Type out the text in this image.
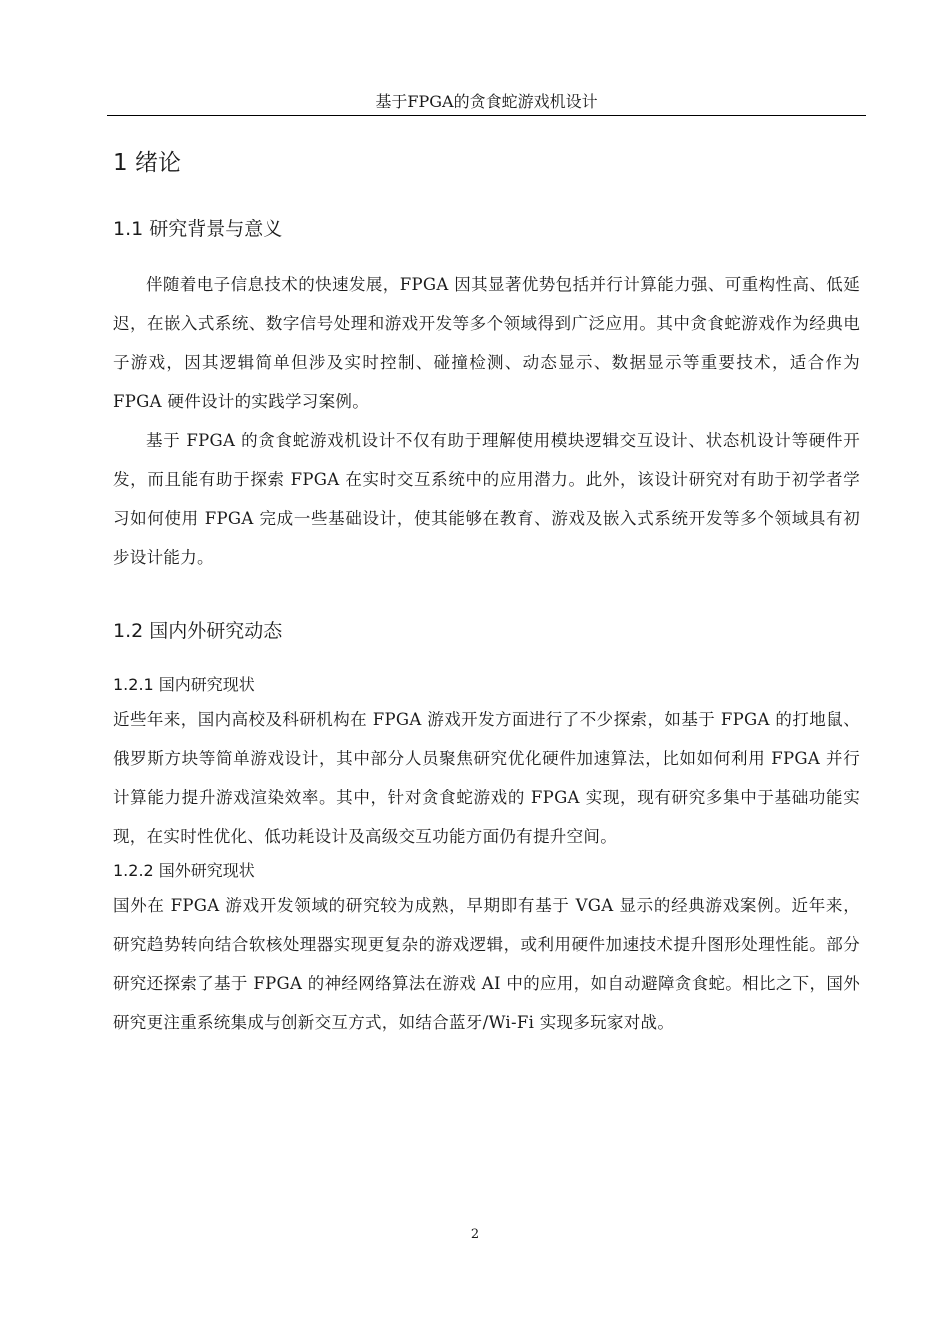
基于FPGA的贪食蛇游戏机设计
1 绪论
1.1 研究背景与意义

伴随着电子信息技术的快速发展，FPGA 因其显著优势包括并行计算能力强、可重构性高、低延迟，在嵌入式系统、数字信号处理和游戏开发等多个领域得到广泛应用。其中贪食蛇游戏作为经典电子游戏，因其逻辑简单但涉及实时控制、碰撞检测、动态显示、数据显示等重要技术，适合作为 FPGA 硬件设计的实践学习案例。

基于 FPGA 的贪食蛇游戏机设计不仅有助于理解使用模块逻辑交互设计、状态机设计等硬件开发，而且能有助于探索 FPGA 在实时交互系统中的应用潜力。此外，该设计研究对有助于初学者学习如何使用 FPGA 完成一些基础设计，使其能够在教育、游戏及嵌入式系统开发等多个领域具有初步设计能力。

1.2 国内外研究动态
1.2.1 国内研究现状

近些年来，国内高校及科研机构在 FPGA 游戏开发方面进行了不少探索，如基于 FPGA 的打地鼠、俄罗斯方块等简单游戏设计，其中部分人员聚焦研究优化硬件加速算法，比如如何利用 FPGA 并行计算能力提升游戏渲染效率。其中，针对贪食蛇游戏的 FPGA 实现，现有研究多集中于基础功能实现，在实时性优化、低功耗设计及高级交互功能方面仍有提升空间。

1.2.2 国外研究现状

国外在 FPGA 游戏开发领域的研究较为成熟，早期即有基于 VGA 显示的经典游戏案例。近年来，研究趋势转向结合软核处理器实现更复杂的游戏逻辑，或利用硬件加速技术提升图形处理性能。部分研究还探索了基于 FPGA 的神经网络算法在游戏 AI 中的应用，如自动避障贪食蛇。相比之下，国外研究更注重系统集成与创新交互方式，如结合蓝牙/Wi-Fi 实现多玩家对战。

2
